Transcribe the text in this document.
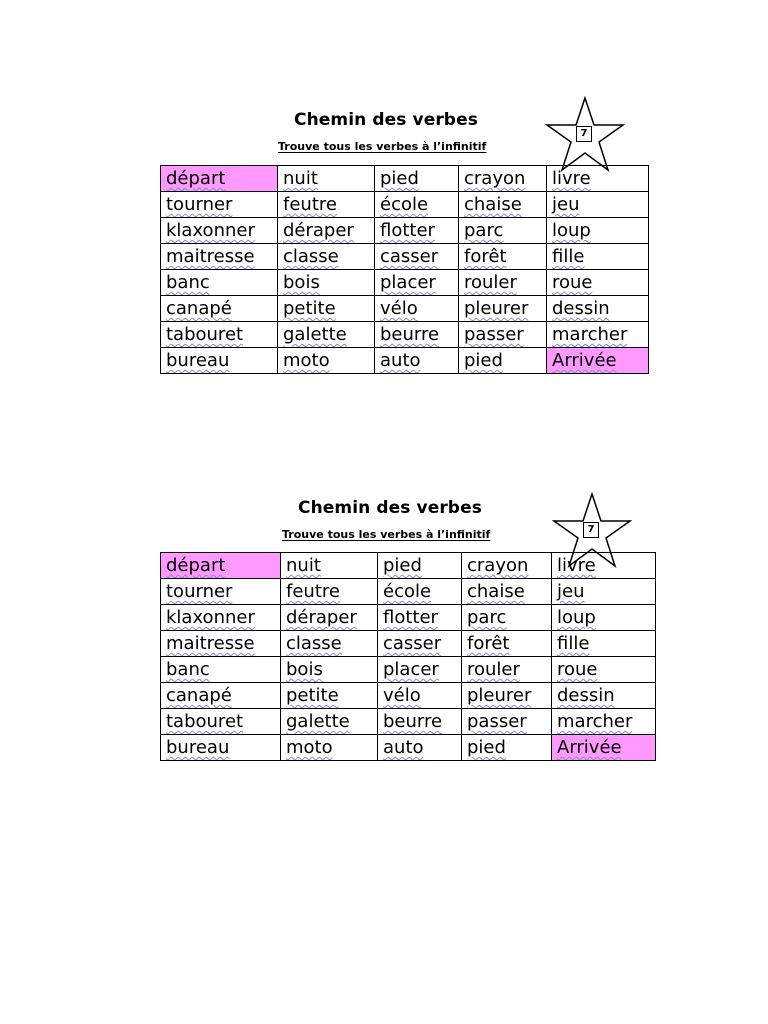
Chemin des verbes
Trouve tous les verbes à l’infinitif
7
départ	nuit	pied	crayon	livre
tourner	feutre	école	chaise	jeu
klaxonner	déraper	flotter	parc	loup
maitresse	classe	casser	forêt	fille
banc	bois	placer	rouler	roue
canapé	petite	vélo	pleurer	dessin
tabouret	galette	beurre	passer	marcher
bureau	moto	auto	pied	Arrivée
Chemin des verbes
Trouve tous les verbes à l’infinitif	7
départ	nuit	pied	crayon	livre
tourner	feutre	école	chaise	jeu
klaxonner	déraper	flotter	parc	loup
maitresse	classe	casser	forêt	fille
banc	bois	placer	rouler	roue
canapé	petite	vélo	pleurer	dessin
tabouret	galette	beurre	passer	marcher
bureau	moto	auto	pied	Arrivée
